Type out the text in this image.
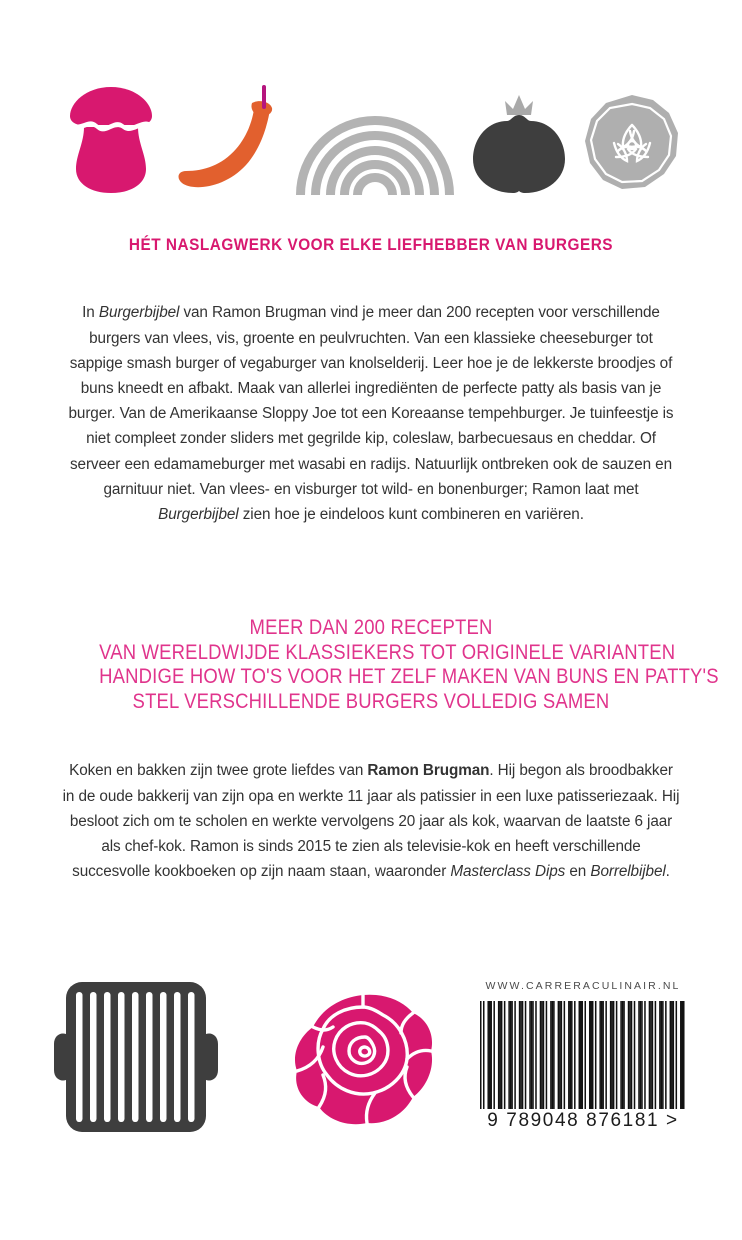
HÉT NASLAGWERK VOOR ELKE LIEFHEBBER VAN BURGERS

In Burgerbijbel van Ramon Brugman vind je meer dan 200 recepten voor verschillende burgers van vlees, vis, groente en peulvruchten. Van een klassieke cheeseburger tot sappige smash burger of vegaburger van knolselderij. Leer hoe je de lekkerste broodjes of buns kneedt en afbakt. Maak van allerlei ingrediënten de perfecte patty als basis van je burger. Van de Amerikaanse Sloppy Joe tot een Koreaanse tempehburger. Je tuinfeestje is niet compleet zonder sliders met gegrilde kip, coleslaw, barbecuesaus en cheddar. Of serveer een edamameburger met wasabi en radijs. Natuurlijk ontbreken ook de sauzen en garnituur niet. Van vlees- en visburger tot wild- en bonenburger; Ramon laat met Burgerbijbel zien hoe je eindeloos kunt combineren en variëren.

MEER DAN 200 RECEPTEN
VAN WERELDWIJDE KLASSIEKERS TOT ORIGINELE VARIANTEN
HANDIGE HOW TO'S VOOR HET ZELF MAKEN VAN BUNS EN PATTY'S
STEL VERSCHILLENDE BURGERS VOLLEDIG SAMEN

Koken en bakken zijn twee grote liefdes van Ramon Brugman. Hij begon als broodbakker in de oude bakkerij van zijn opa en werkte 11 jaar als patissier in een luxe patisseriezaak. Hij besloot zich om te scholen en werkte vervolgens 20 jaar als kok, waarvan de laatste 6 jaar als chef-kok. Ramon is sinds 2015 te zien als televisie-kok en heeft verschillende succesvolle kookboeken op zijn naam staan, waaronder Masterclass Dips en Borrelbijbel.

WWW.CARRERACULINAIR.NL
9 789048 876181 >
